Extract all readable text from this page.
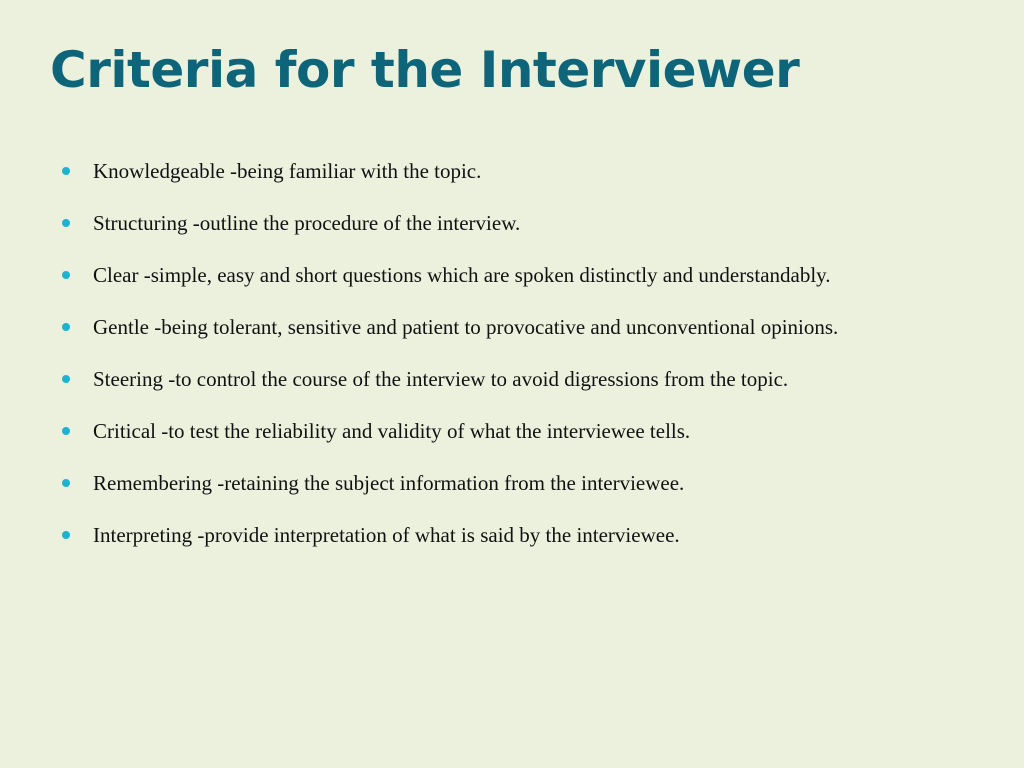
Criteria for the Interviewer
Knowledgeable -being familiar with the topic.
Structuring -outline the procedure of the interview.
Clear -simple, easy and short questions which are spoken distinctly and understandably.
Gentle -being tolerant, sensitive and patient to provocative and unconventional opinions.
Steering -to control the course of the interview to avoid digressions from the topic.
Critical -to test the reliability and validity of what the interviewee tells.
Remembering -retaining the subject information from the interviewee.
Interpreting -provide interpretation of what is said by the interviewee.
